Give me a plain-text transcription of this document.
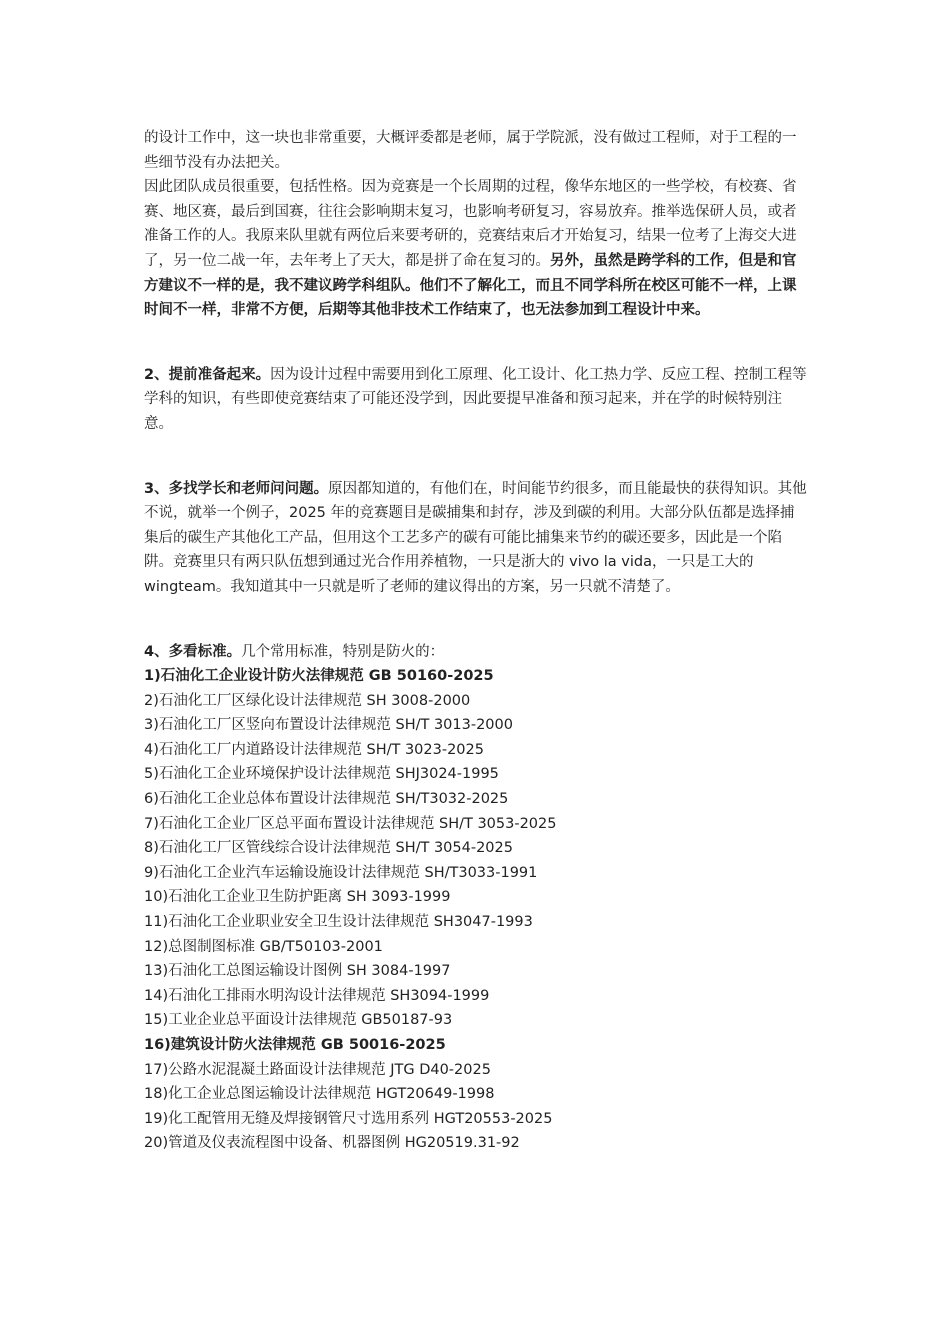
的设计工作中，这一块也非常重要，大概评委都是老师，属于学院派，没有做过工程师，对于工程的一些细节没有办法把关。

因此团队成员很重要，包括性格。因为竞赛是一个长周期的过程，像华东地区的一些学校，有校赛、省赛、地区赛，最后到国赛，往往会影响期末复习，也影响考研复习，容易放弃。推举选保研人员，或者准备工作的人。我原来队里就有两位后来要考研的，竞赛结束后才开始复习，结果一位考了上海交大进了，另一位二战一年，去年考上了天大，都是拼了命在复习的。另外，虽然是跨学科的工作，但是和官方建议不一样的是，我不建议跨学科组队。他们不了解化工，而且不同学科所在校区可能不一样，上课时间不一样，非常不方便，后期等其他非技术工作结束了，也无法参加到工程设计中来。

2、提前准备起来。因为设计过程中需要用到化工原理、化工设计、化工热力学、反应工程、控制工程等学科的知识，有些即使竞赛结束了可能还没学到，因此要提早准备和预习起来，并在学的时候特别注意。

3、多找学长和老师问问题。原因都知道的，有他们在，时间能节约很多，而且能最快的获得知识。其他不说，就举一个例子，2025 年的竞赛题目是碳捕集和封存，涉及到碳的利用。大部分队伍都是选择捕集后的碳生产其他化工产品，但用这个工艺多产的碳有可能比捕集来节约的碳还要多，因此是一个陷阱。竞赛里只有两只队伍想到通过光合作用养植物，一只是浙大的 vivo la vida，一只是工大的 wingteam。我知道其中一只就是听了老师的建议得出的方案，另一只就不清楚了。

4、多看标准。几个常用标准，特别是防火的：

1)石油化工企业设计防火法律规范 GB 50160-2025

2)石油化工厂区绿化设计法律规范 SH 3008-2000

3)石油化工厂区竖向布置设计法律规范 SH/T 3013-2000

4)石油化工厂内道路设计法律规范 SH/T 3023-2025

5)石油化工企业环境保护设计法律规范 SHJ3024-1995

6)石油化工企业总体布置设计法律规范 SH/T3032-2025

7)石油化工企业厂区总平面布置设计法律规范 SH/T 3053-2025

8)石油化工厂区管线综合设计法律规范 SH/T 3054-2025

9)石油化工企业汽车运输设施设计法律规范 SH/T3033-1991

10)石油化工企业卫生防护距离 SH 3093-1999

11)石油化工企业职业安全卫生设计法律规范 SH3047-1993

12)总图制图标准 GB/T50103-2001

13)石油化工总图运输设计图例 SH 3084-1997

14)石油化工排雨水明沟设计法律规范 SH3094-1999

15)工业企业总平面设计法律规范 GB50187-93

16)建筑设计防火法律规范 GB 50016-2025

17)公路水泥混凝土路面设计法律规范 JTG D40-2025

18)化工企业总图运输设计法律规范 HGT20649-1998

19)化工配管用无缝及焊接钢管尺寸选用系列 HGT20553-2025

20)管道及仪表流程图中设备、机器图例 HG20519.31-92
